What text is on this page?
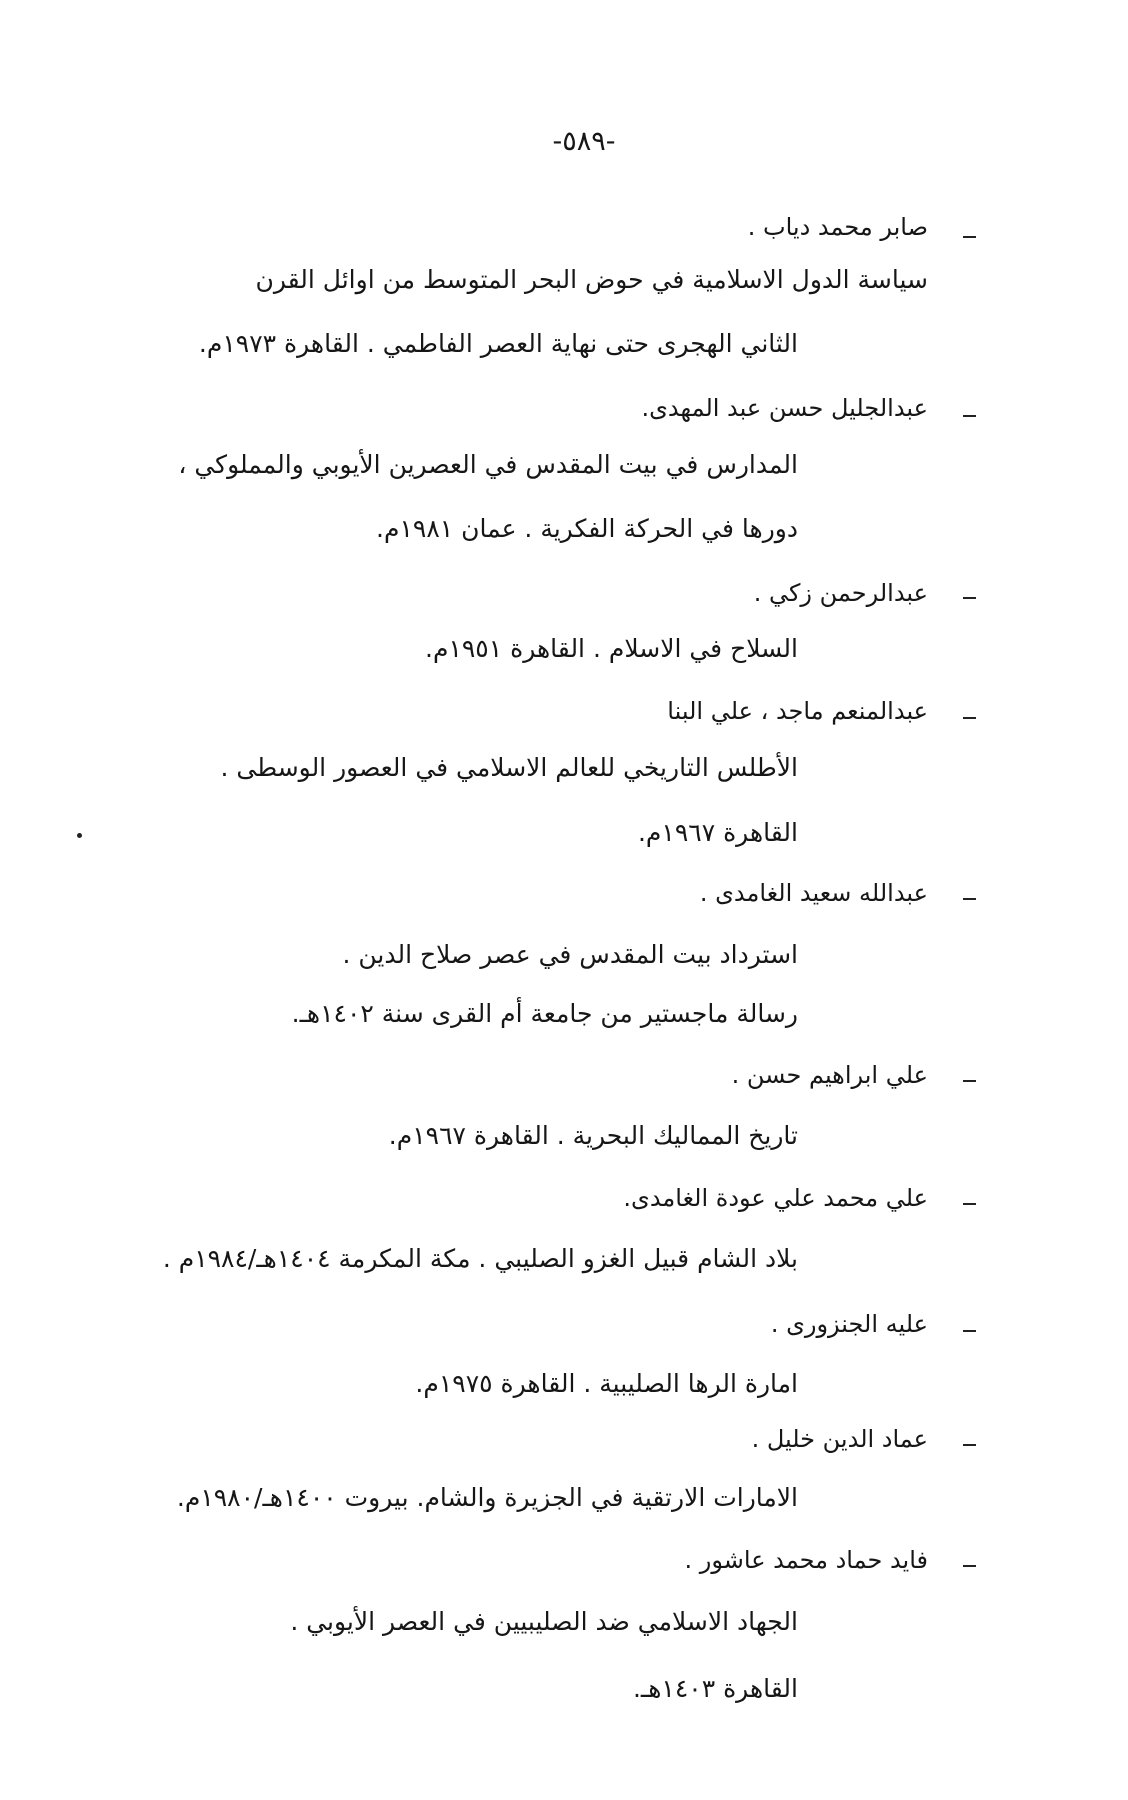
-٥٨٩-
صابر محمد دياب .
سياسة الدول الاسلامية في حوض البحر المتوسط من اوائل القرن
الثاني الهجرى حتى نهاية العصر الفاطمي . القاهرة ١٩٧٣م.
عبدالجليل حسن عبد المهدى.
المدارس في بيت المقدس في العصرين الأيوبي والمملوكي ،
دورها في الحركة الفكرية . عمان ١٩٨١م.
عبدالرحمن زكي .
السلاح في الاسلام . القاهرة ١٩٥١م.
عبدالمنعم ماجد ، علي البنا
الأطلس التاريخي للعالم الاسلامي في العصور الوسطى .
القاهرة ١٩٦٧م.
عبدالله سعيد الغامدى .
استرداد بيت المقدس في عصر صلاح الدين .
رسالة ماجستير من جامعة أم القرى سنة ١٤٠٢هـ.
علي ابراهيم حسن .
تاريخ المماليك البحرية . القاهرة ١٩٦٧م.
علي محمد علي عودة الغامدى.
بلاد الشام قبيل الغزو الصليبي . مكة المكرمة ١٤٠٤هـ/١٩٨٤م .
عليه الجنزورى .
امارة الرها الصليبية . القاهرة ١٩٧٥م.
عماد الدين خليل .
الامارات الارتقية في الجزيرة والشام. بيروت ١٤٠٠هـ/١٩٨٠م.
فايد حماد محمد عاشور .
الجهاد الاسلامي ضد الصليبيين في العصر الأيوبي .
القاهرة ١٤٠٣هـ.
